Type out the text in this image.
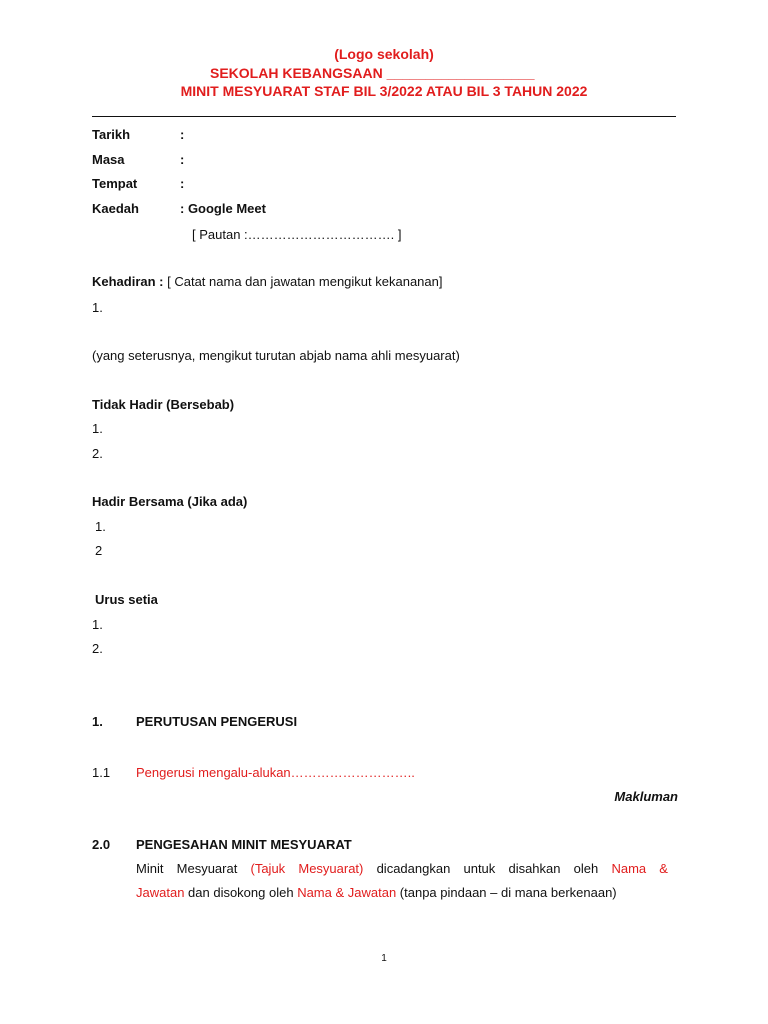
(Logo sekolah)
SEKOLAH KEBANGSAAN ___________________
MINIT MESYUARAT STAF BIL 3/2022 ATAU BIL 3 TAHUN 2022
Tarikh	:
Masa	:
Tempat	:
Kaedah	: Google Meet
[ Pautan :……………………………. ]
Kehadiran : [ Catat nama dan jawatan mengikut kekananan]
1.
(yang seterusnya, mengikut turutan abjab nama ahli mesyuarat)
Tidak Hadir (Bersebab)
1.
2.
Hadir Bersama (Jika ada)
1.
2
Urus setia
1.
2.
1.	PERUTUSAN PENGERUSI
1.1 Pengerusi mengalu-alukan………………………..
Makluman
2.0 PENGESAHAN MINIT MESYUARAT
Minit Mesyuarat (Tajuk Mesyuarat) dicadangkan untuk disahkan oleh Nama &
Jawatan dan disokong oleh Nama & Jawatan (tanpa pindaan – di mana berkenaan)
1
